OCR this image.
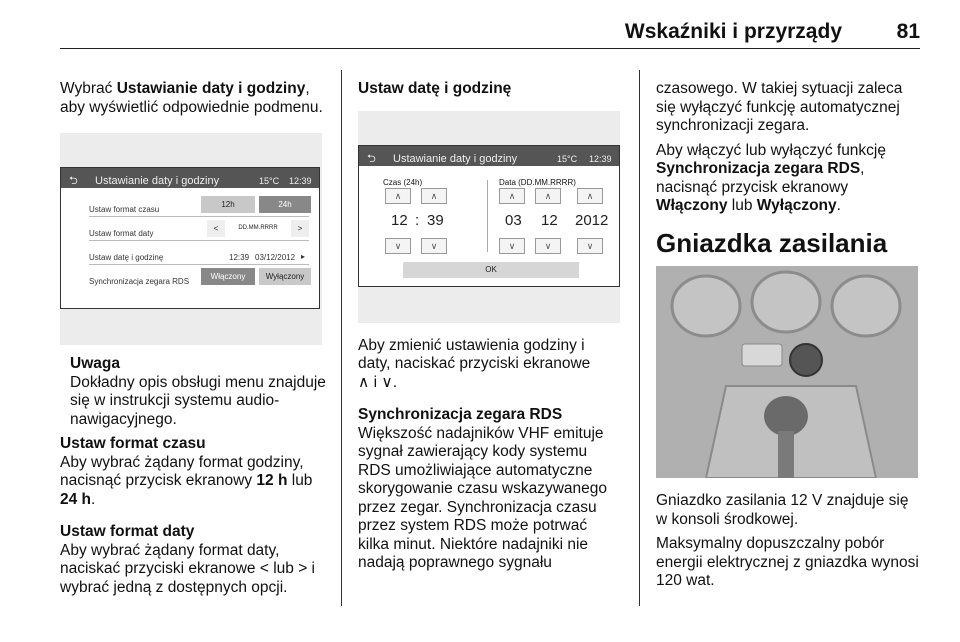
Wskaźniki i przyrządy	81

Wybrać Ustawianie daty i godziny, aby wyświetlić odpowiednie podmenu.

⮌ Ustawianie daty i godziny	15°C 12:39
Ustaw format czasu
12h	24h
Ustaw format daty
<	DD.MM.RRRR	>
Ustaw datę i godzinę	12:39 03/12/2012 ▸
Synchronizacja zegara RDS
Włączony	Wyłączony
Uwaga
Dokładny opis obsługi menu znajduje się w instrukcji systemu audio-nawigacyjnego.

Ustaw format czasu
Aby wybrać żądany format godziny, nacisnąć przycisk ekranowy 12 h lub 24 h.

Ustaw format daty
Aby wybrać żądany format daty, naciskać przyciski ekranowe < lub > i wybrać jedną z dostępnych opcji.

Ustaw datę i godzinę

⮌ Ustawianie daty i godziny	15°C 12:39
Czas (24h)	Data (DD.MM.RRRR)
∧	∧	∧	∧	∧
12 : 39	03 12 2012
∨	∨	∨	∨	∨
OK

Aby zmienić ustawienia godziny i daty, naciskać przyciski ekranowe
∧ i ∨.

Synchronizacja zegara RDS
Większość nadajników VHF emituje sygnał zawierający kody systemu RDS umożliwiające automatyczne skorygowanie czasu wskazywanego przez zegar. Synchronizacja czasu przez system RDS może potrwać kilka minut. Niektóre nadajniki nie nadają poprawnego sygnału

czasowego. W takiej sytuacji zaleca się wyłączyć funkcję automatycznej synchronizacji zegara.

Aby włączyć lub wyłączyć funkcję Synchronizacja zegara RDS, nacisnąć przycisk ekranowy Włączony lub Wyłączony.

Gniazdka zasilania

Gniazdko zasilania 12 V znajduje się w konsoli środkowej.

Maksymalny dopuszczalny pobór energii elektrycznej z gniazdka wynosi 120 wat.
